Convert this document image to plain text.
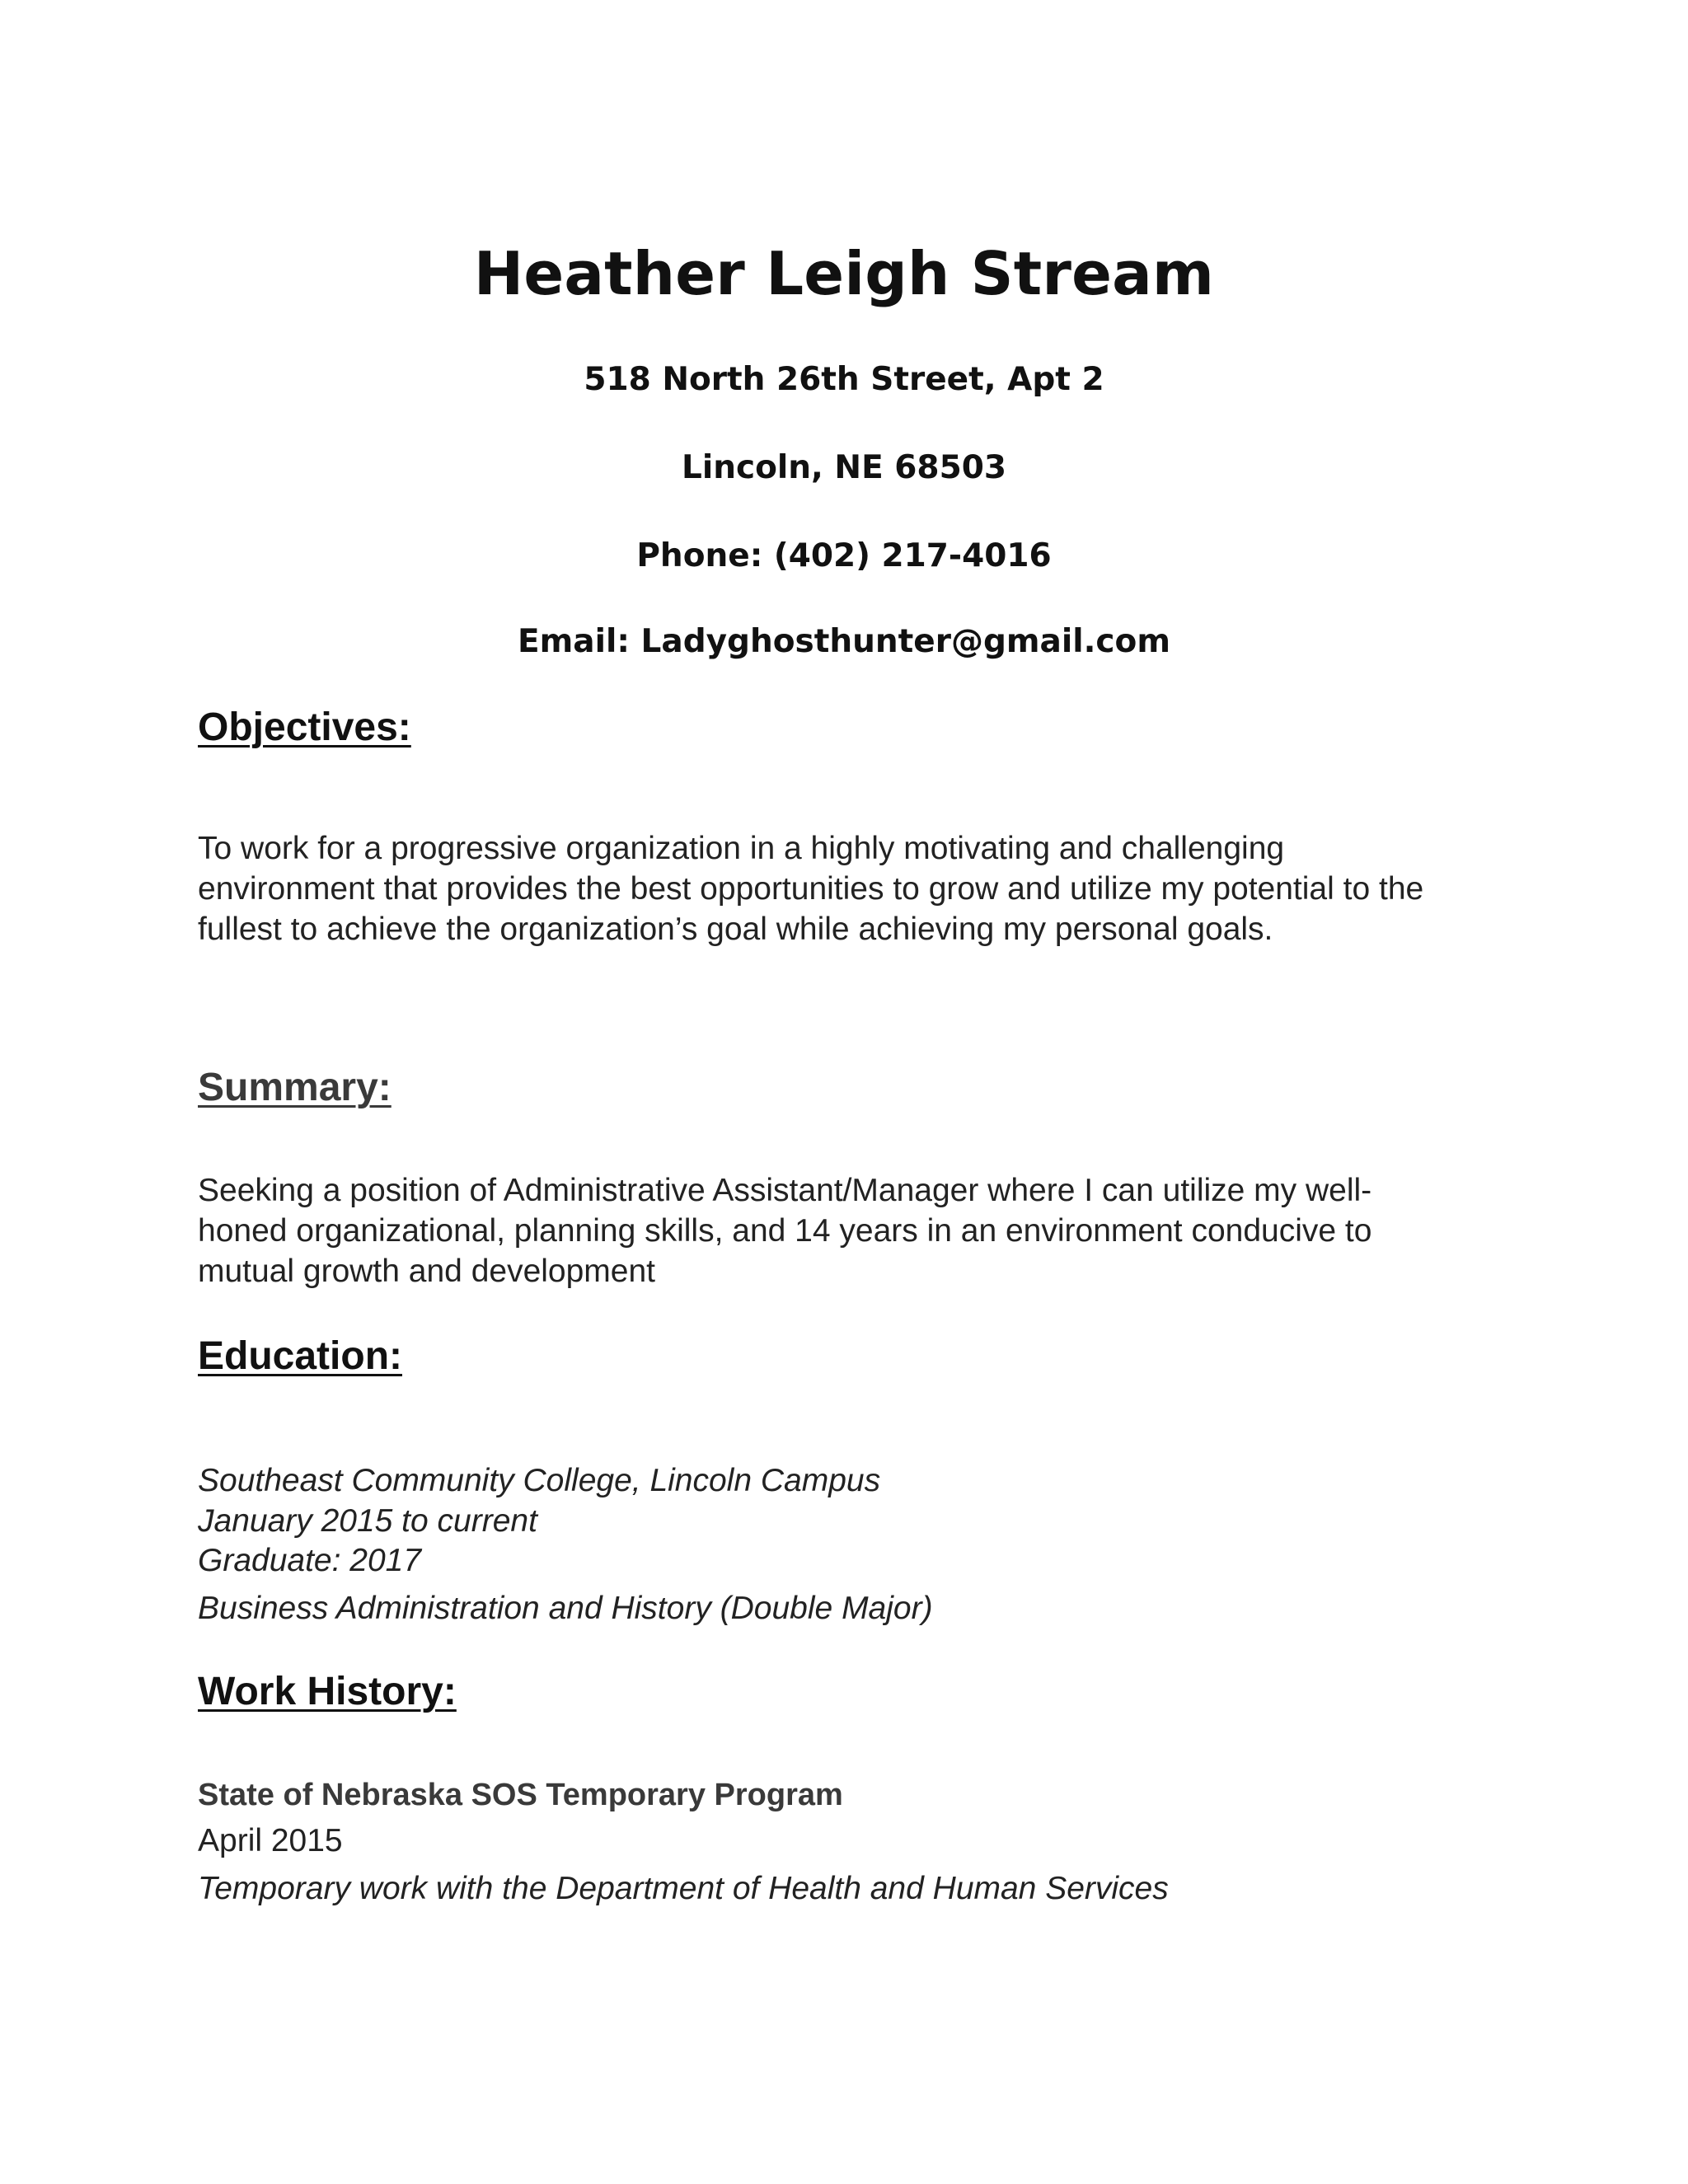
Heather Leigh Stream
518 North 26th Street, Apt 2
Lincoln, NE 68503
Phone: (402) 217-4016
Email: Ladyghosthunter@gmail.com
Objectives:

To work for a progressive organization in a highly motivating and challenging environment that provides the best opportunities to grow and utilize my potential to the fullest to achieve the organization’s goal while achieving my personal goals.

Summary:

Seeking a position of Administrative Assistant/Manager where I can utilize my well-honed organizational, planning skills, and 14 years in an environment conducive to mutual growth and development

Education:
Southeast Community College, Lincoln Campus
January 2015 to current
Graduate: 2017
Business Administration and History (Double Major)
Work History:
State of Nebraska SOS Temporary Program
April 2015
Temporary work with the Department of Health and Human Services
